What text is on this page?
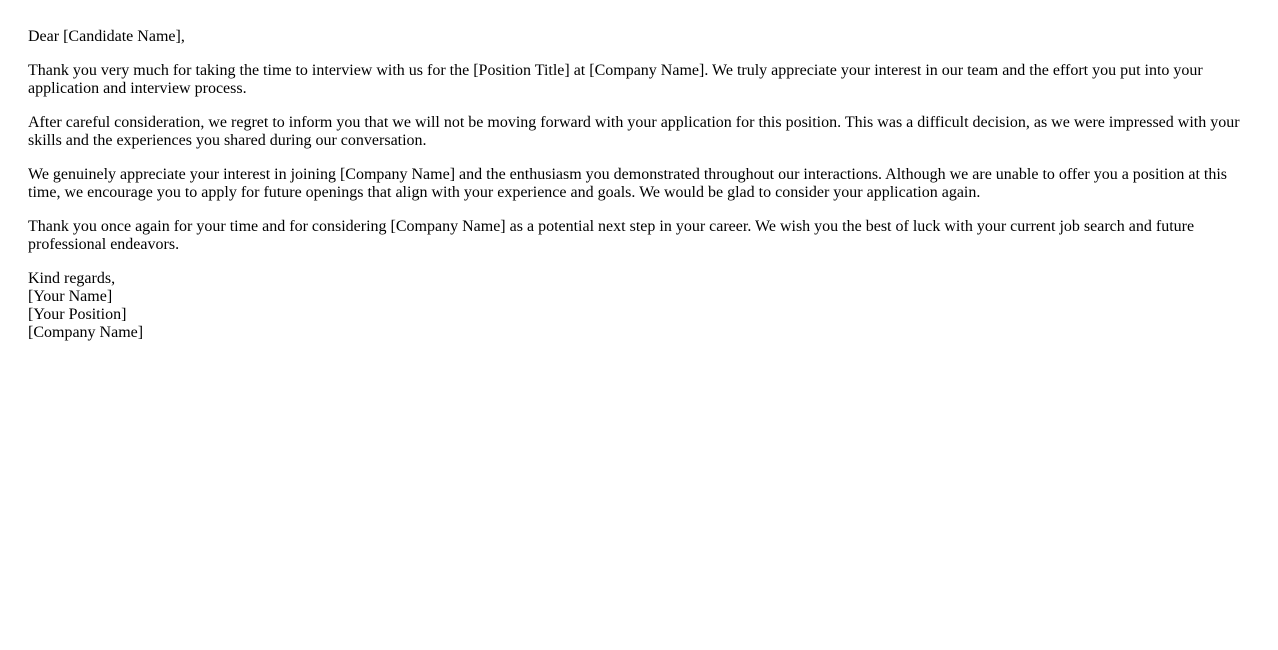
Dear [Candidate Name],

Thank you very much for taking the time to interview with us for the [Position Title] at [Company Name]. We truly appreciate your interest in our team and the effort you put into your application and interview process.

After careful consideration, we regret to inform you that we will not be moving forward with your application for this position. This was a difficult decision, as we were impressed with your skills and the experiences you shared during our conversation.

We genuinely appreciate your interest in joining [Company Name] and the enthusiasm you demonstrated throughout our interactions. Although we are unable to offer you a position at this time, we encourage you to apply for future openings that align with your experience and goals. We would be glad to consider your application again.

Thank you once again for your time and for considering [Company Name] as a potential next step in your career. We wish you the best of luck with your current job search and future professional endeavors.

Kind regards,
[Your Name]
[Your Position]
[Company Name]
